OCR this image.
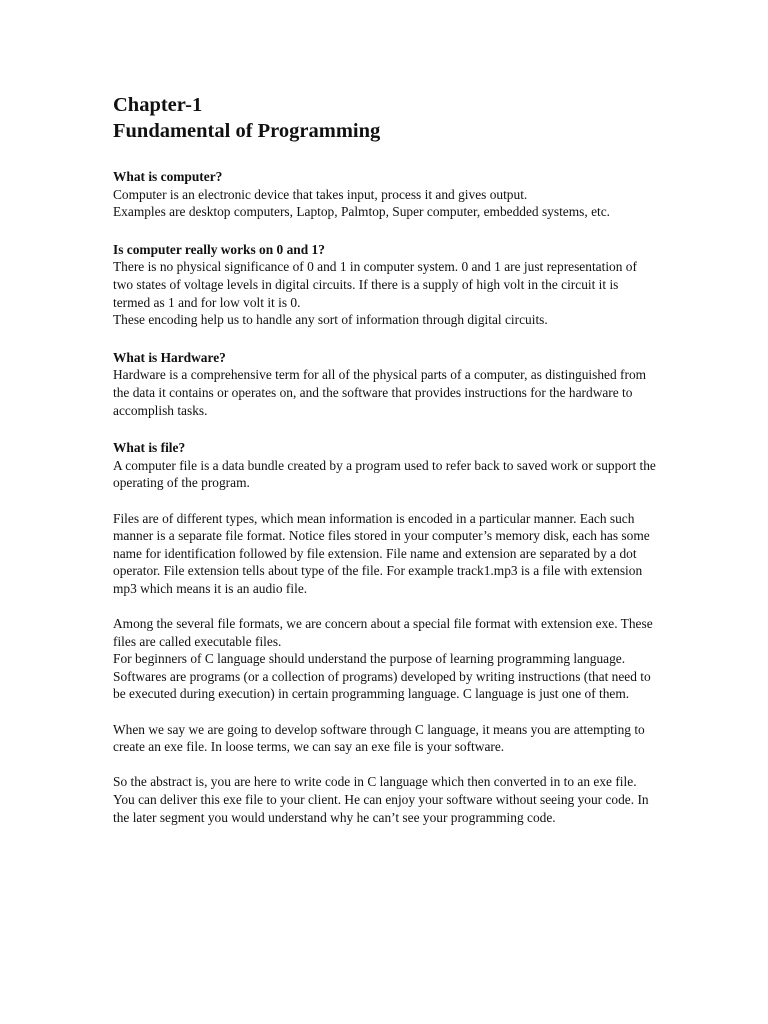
Chapter-1
Fundamental of Programming

What is computer?

Computer is an electronic device that takes input, process it and gives output.

Examples are desktop computers, Laptop, Palmtop, Super computer, embedded systems, etc.

Is computer really works on 0 and 1?

There is no physical significance of 0 and 1 in computer system. 0 and 1 are just representation of two states of voltage levels in digital circuits. If there is a supply of high volt in the circuit it is termed as 1 and for low volt it is 0.

These encoding help us to handle any sort of information through digital circuits.

What is Hardware?

Hardware is a comprehensive term for all of the physical parts of a computer, as distinguished from the data it contains or operates on, and the software that provides instructions for the hardware to accomplish tasks.

What is file?

A computer file is a data bundle created by a program used to refer back to saved work or support the operating of the program.

Files are of different types, which mean information is encoded in a particular manner. Each such manner is a separate file format. Notice files stored in your computer’s memory disk, each has some name for identification followed by file extension. File name and extension are separated by a dot operator. File extension tells about type of the file. For example track1.mp3 is a file with extension mp3 which means it is an audio file.

Among the several file formats, we are concern about a special file format with extension exe. These files are called executable files.

For beginners of C language should understand the purpose of learning programming language. Softwares are programs (or a collection of programs) developed by writing instructions (that need to be executed during execution) in certain programming language. C language is just one of them.

When we say we are going to develop software through C language, it means you are attempting to create an exe file. In loose terms, we can say an exe file is your software.

So the abstract is, you are here to write code in C language which then converted in to an exe file.

You can deliver this exe file to your client. He can enjoy your software without seeing your code. In the later segment you would understand why he can’t see your programming code.
